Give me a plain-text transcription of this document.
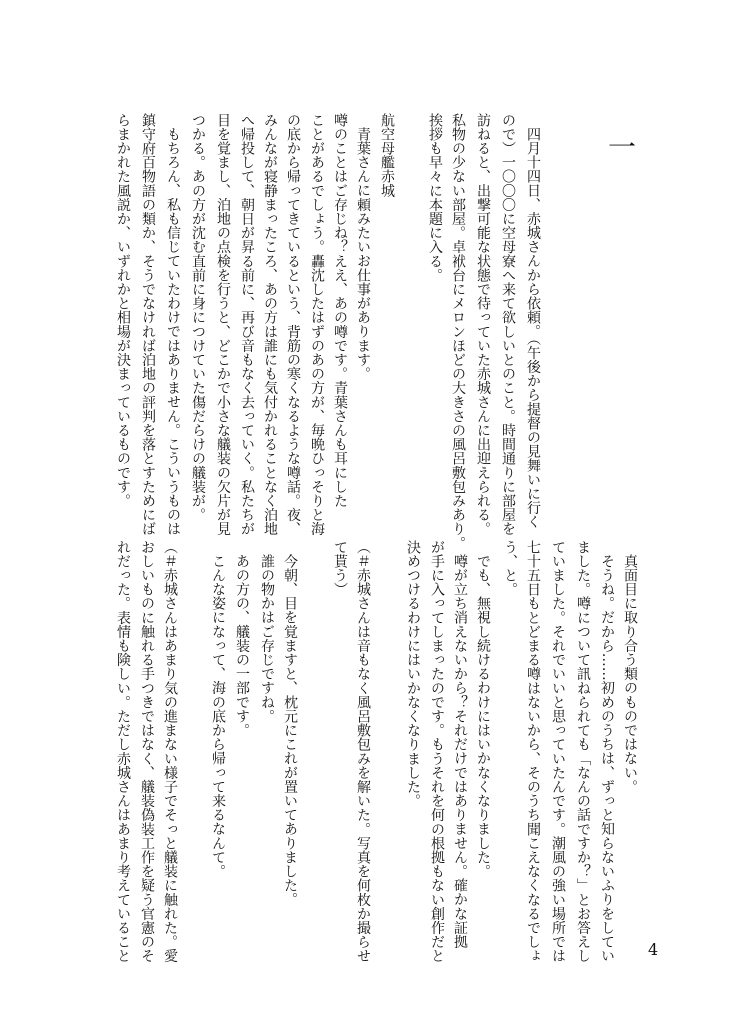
一
四月十四日、赤城さんから依頼。（午後から提督の見舞いに行く
ので）一〇〇〇に空母寮へ来て欲しいとのこと。時間通りに部屋を
訪ねると、出撃可能な状態で待っていた赤城さんに出迎えられる。
私物の少ない部屋。卓袱台にメロンほどの大きさの風呂敷包みあり。
挨拶も早々に本題に入る。
航空母艦赤城
青葉さんに頼みたいお仕事があります。
噂のことはご存じね？ええ、あの噂です。青葉さんも耳にした
ことがあるでしょう。轟沈したはずのあの方が、毎晩ひっそりと海
の底から帰ってきているという、背筋の寒くなるような噂話。夜、
みんなが寝静まったころ、あの方は誰にも気付かれることなく泊地
へ帰投して、朝日が昇る前に、再び音もなく去っていく。私たちが
目を覚まし、泊地の点検を行うと、どこかで小さな艤装の欠片が見
つかる。あの方が沈む直前に身につけていた傷だらけの艤装が。
もちろん、私も信じていたわけではありません。こういうものは
鎮守府百物語の類か、そうでなければ泊地の評判を落とすためにば
らまかれた風説か、いずれかと相場が決まっているものです。
真面目に取り合う類のものではない。
そうね。だから……初めのうちは、ずっと知らないふりをしてい
ました。噂について訊ねられても「なんの話ですか？」とお答えし
ていました。それでいいと思っていたんです。潮風の強い場所では
七十五日もとどまる噂はないから、そのうち聞こえなくなるでしょ
う、と。
でも、無視し続けるわけにはいかなくなりました。
噂が立ち消えないから？それだけではありません。確かな証拠
が手に入ってしまったのです。もうそれを何の根拠もない創作だと
決めつけるわけにはいかなくなりました。
（＃赤城さんは音もなく風呂敷包みを解いた。写真を何枚か撮らせ
て貰う）
今朝、目を覚ますと、枕元にこれが置いてありました。
誰の物かはご存じですね。
あの方の、艤装の一部です。
こんな姿になって、海の底から帰って来るなんて。
（＃赤城さんはあまり気の進まない様子でそっと艤装に触れた。愛
おしいものに触れる手つきではなく、艤装偽装工作を疑う官憲のそ
れだった。表情も険しい。ただし赤城さんはあまり考えていること	4
